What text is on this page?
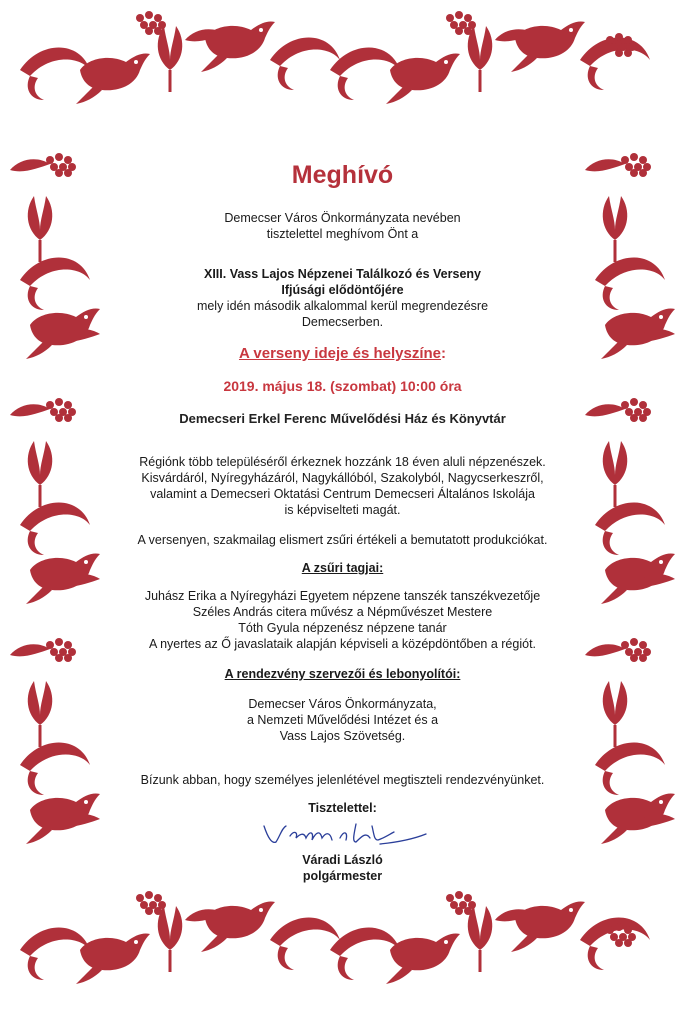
Meghívó

Demecser Város Önkormányzata nevében

tisztelettel meghívom Önt a

XIII. Vass Lajos Népzenei Találkozó és Verseny

Ifjúsági elődöntőjére

mely idén második alkalommal kerül megrendezésre

Demecserben.

A verseny ideje és helyszíne:

2019. május 18. (szombat) 10:00 óra

Demecseri Erkel Ferenc Művelődési Ház és Könyvtár

Régiónk több településéről érkeznek hozzánk 18 éven aluli népzenészek.

Kisvárdáról, Nyíregyházáról, Nagykállóból, Szakolyból, Nagycserkeszről,

valamint a Demecseri Oktatási Centrum Demecseri Általános Iskolája

is képviselteti magát.

A versenyen, szakmailag elismert zsűri értékeli a bemutatott produkciókat.

A zsűri tagjai:

Juhász Erika a Nyíregyházi Egyetem népzene tanszék tanszékvezetője

Széles András citera művész a Népművészet Mestere

Tóth Gyula népzenész népzene tanár

A nyertes az Ő javaslataik alapján képviseli a középdöntőben a régiót.

A rendezvény szervezői és lebonyolítói:

Demecser Város Önkormányzata,

a Nemzeti Művelődési Intézet és a

Vass Lajos Szövetség.

Bízunk abban, hogy személyes jelenlétével megtiszteli rendezvényünket.

Tisztelettel:

Váradi László

polgármester
